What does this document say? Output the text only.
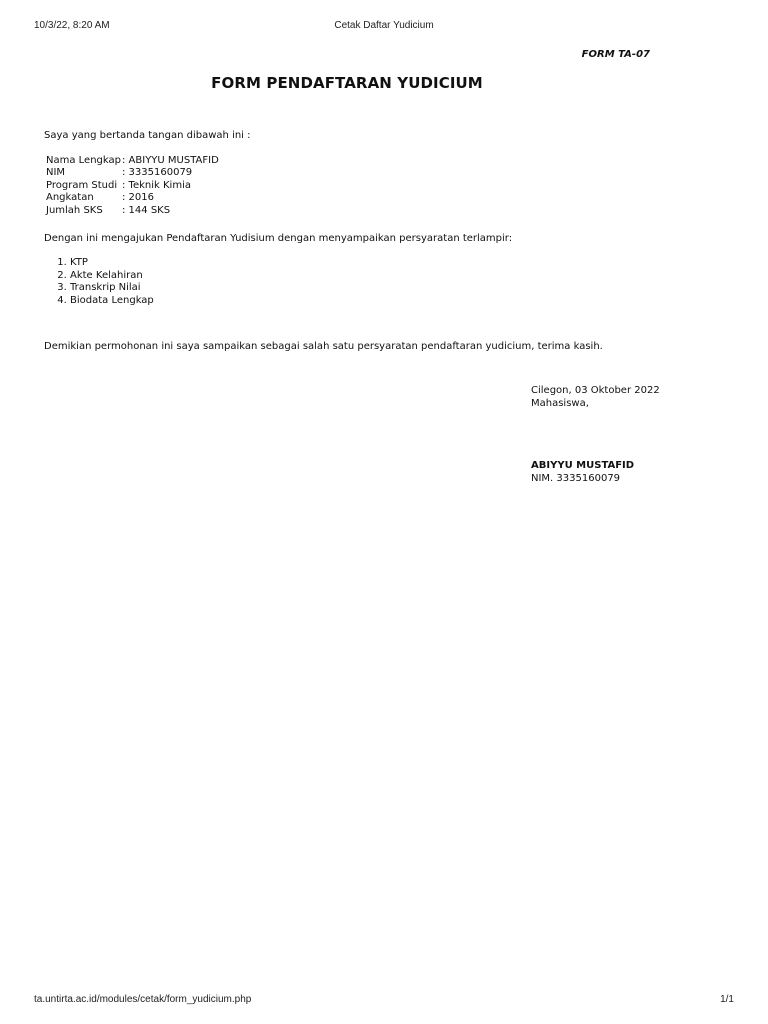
10/3/22, 8:20 AM	Cetak Daftar Yudicium
FORM TA-07
FORM PENDAFTARAN YUDICIUM

Saya yang bertanda tangan dibawah ini :

Nama Lengkap	: ABIYYU MUSTAFID
NIM	: 3335160079
Program Studi	: Teknik Kimia
Angkatan	: 2016
Jumlah SKS	: 144 SKS

Dengan ini mengajukan Pendaftaran Yudisium dengan menyampaikan persyaratan terlampir:

1. KTP
2. Akte Kelahiran
3. Transkrip Nilai
4. Biodata Lengkap

Demikian permohonan ini saya sampaikan sebagai salah satu persyaratan pendaftaran yudicium, terima kasih.

Cilegon, 03 Oktober 2022
Mahasiswa,
ABIYYU MUSTAFID
NIM. 3335160079
ta.untirta.ac.id/modules/cetak/form_yudicium.php	1/1
